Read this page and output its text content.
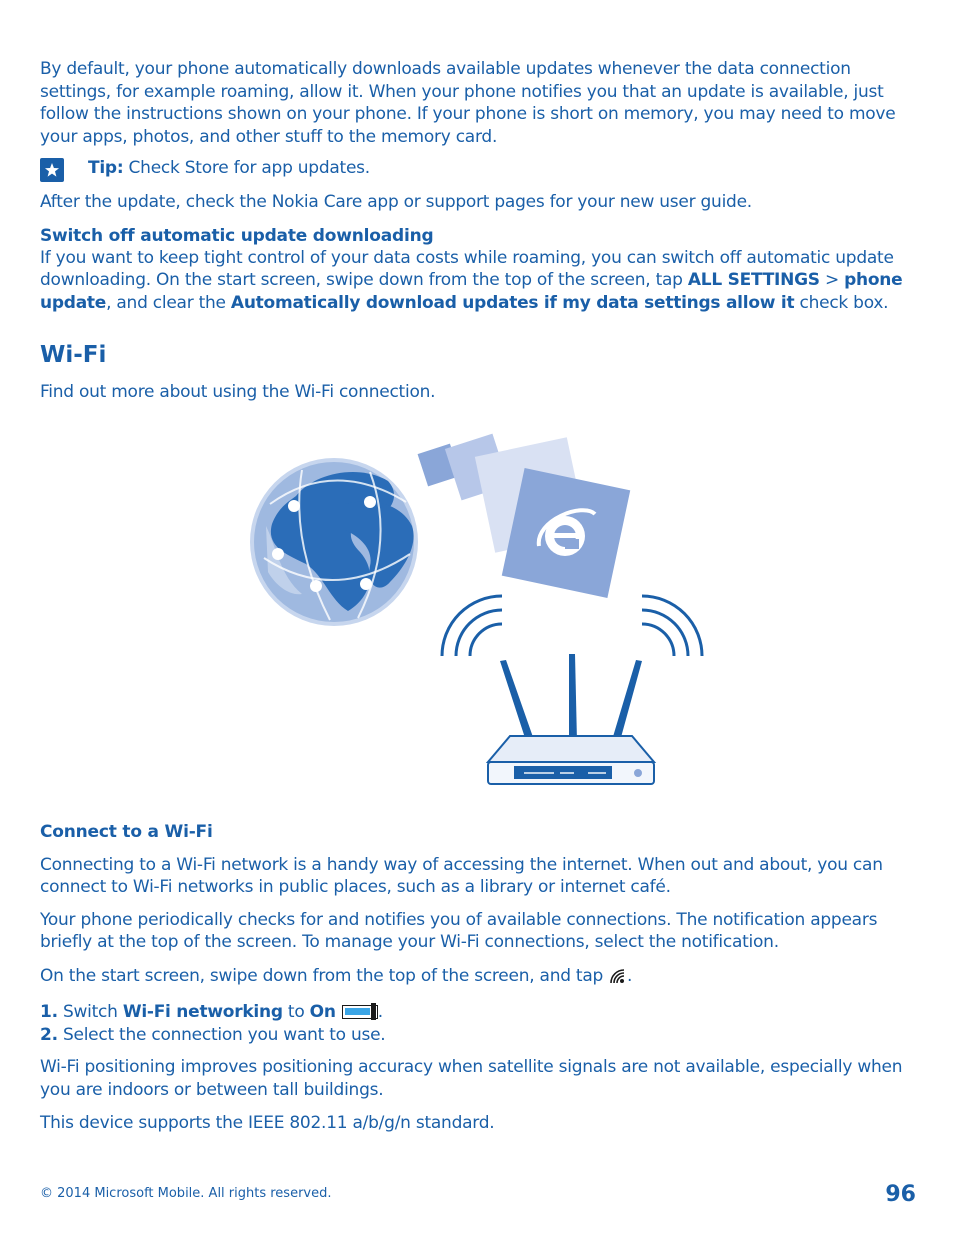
By default, your phone automatically downloads available updates whenever the data connection settings, for example roaming, allow it. When your phone notifies you that an update is available, just follow the instructions shown on your phone. If your phone is short on memory, you may need to move your apps, photos, and other stuff to the memory card.

Tip: Check Store for app updates.

After the update, check the Nokia Care app or support pages for your new user guide.

Switch off automatic update downloading

If you want to keep tight control of your data costs while roaming, you can switch off automatic update downloading. On the start screen, swipe down from the top of the screen, tap ALL SETTINGS > phone update, and clear the Automatically download updates if my data settings allow it check box.

Wi-Fi

Find out more about using the Wi-Fi connection.

Connect to a Wi-Fi

Connecting to a Wi-Fi network is a handy way of accessing the internet. When out and about, you can connect to Wi-Fi networks in public places, such as a library or internet café.

Your phone periodically checks for and notifies you of available connections. The notification appears briefly at the top of the screen. To manage your Wi-Fi connections, select the notification.

On the start screen, swipe down from the top of the screen, and tap .

1. Switch Wi-Fi networking to On .

2. Select the connection you want to use.

Wi-Fi positioning improves positioning accuracy when satellite signals are not available, especially when you are indoors or between tall buildings.

This device supports the IEEE 802.11 a/b/g/n standard.

© 2014 Microsoft Mobile. All rights reserved.	96
